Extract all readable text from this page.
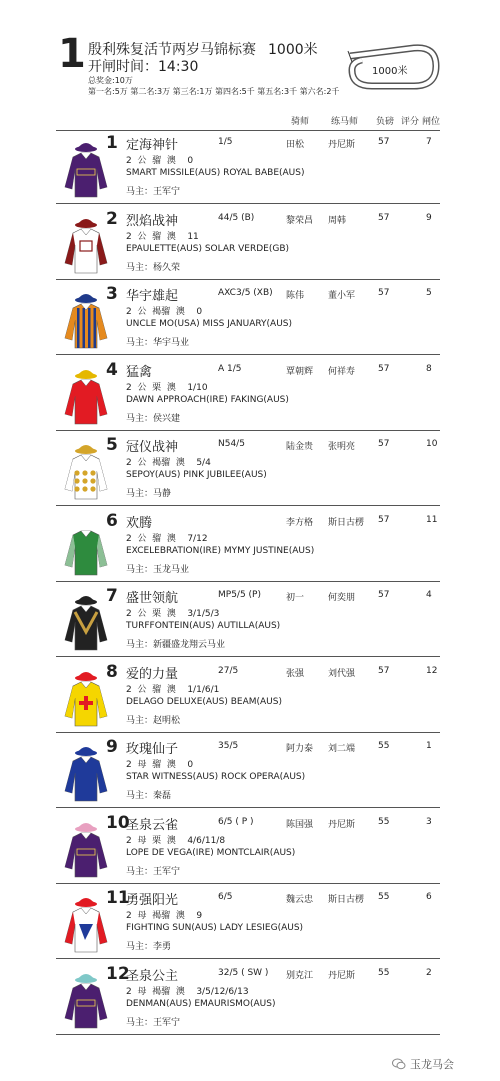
1 殷利殊复活节两岁马锦标赛 1000米
开闸时间：14:30
总奖金:10万
第一名:5万 第二名:3万 第三名:1万 第四名:5千 第五名:3千 第六名:2千
1000米
骑师 练马师 负磅 评分 闸位
1 定海神针	1/5	田松	丹尼斯	57	7
2  公  骝  澳    0
SMART MISSILE(AUS) ROYAL BABE(AUS)
马主：王军宁
2 烈焰战神	44/5 (B)	黎荣昌 周韩	57	9
2  公  骝  澳    11
EPAULETTE(AUS) SOLAR VERDE(GB)
马主：杨久荣
3 华宇雄起	AXC3/5 (XB) 陈伟	董小军	57	5
2  公  褐骝  澳    0
UNCLE MO(USA) MISS JANUARY(AUS)
马主：华宇马业
4 猛禽	A 1/5	覃朝辉 何祥寿	57	8
2  公  栗  澳    1/10
DAWN APPROACH(IRE) FAKING(AUS)
马主：侯兴建
5 冠仪战神	N54/5	陆金贵 张明亮	57	10
2  公  褐骝  澳    5/4
SEPOY(AUS) PINK JUBILEE(AUS)
马主：马静
6 欢腾	李方格 斯日古楞 57	11
2  公  骝  澳    7/12
EXCELEBRATION(IRE) MYMY JUSTINE(AUS)
马主：玉龙马业
7 盛世领航	MP5/5 (P)	初一	何奕朋	57	4
2  公  栗  澳    3/1/5/3
TURFFONTEIN(AUS) AUTILLA(AUS)
马主：新疆盛龙翔云马业
8 爱的力量	27/5	张强	刘代强	57	12
2  公  骝  澳    1/1/6/1
DELAGO DELUXE(AUS) BEAM(AUS)
马主：赵明松
9 玫瑰仙子	35/5	阿力泰 刘二端	55	1
2  母  骝  澳    0
STAR WITNESS(AUS) ROCK OPERA(AUS)
马主：秦磊
10
圣泉云雀	6/5 ( P )	陈国强 丹尼斯	55	3
2  母  栗  澳    4/6/11/8
LOPE DE VEGA(IRE) MONTCLAIR(AUS)
马主：王军宁
11
勇强阳光	6/5	魏云忠 斯日古楞 55	6
2  母  褐骝  澳    9
FIGHTING SUN(AUS) LADY LESIEG(AUS)
马主：李勇
12
圣泉公主	32/5 ( SW ) 别克江 丹尼斯	55	2
2  母  褐骝  澳    3/5/12/6/13
DENMAN(AUS) EMAURISMO(AUS)
马主：王军宁
玉龙马会
